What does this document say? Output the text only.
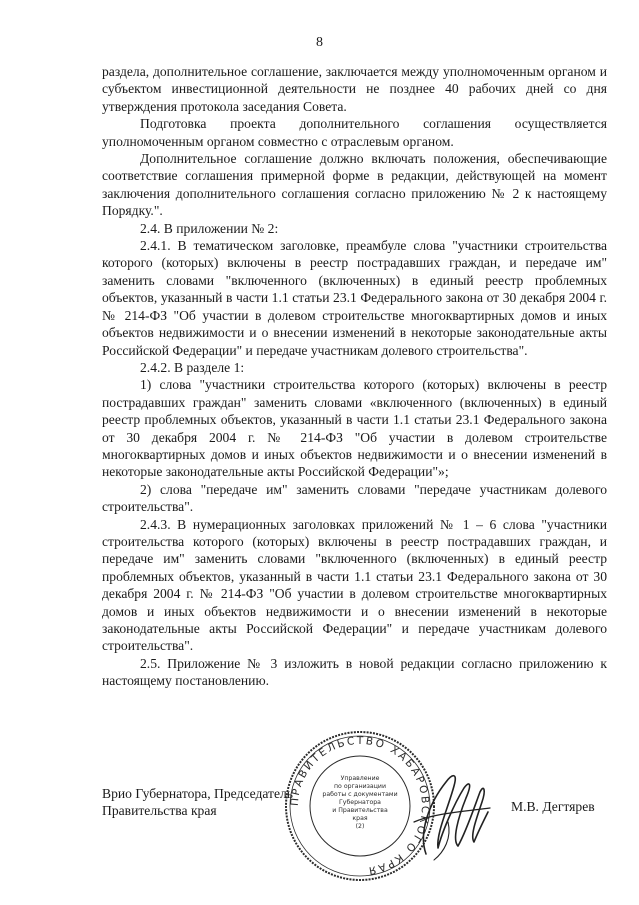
8

раздела, дополнительное соглашение, заключается между уполномоченным органом и субъектом инвестиционной деятельности не позднее 40 рабочих дней со дня утверждения протокола заседания Совета.

Подготовка проекта дополнительного соглашения осуществляется уполномоченным органом совместно с отраслевым органом.

Дополнительное соглашение должно включать положения, обеспечивающие соответствие соглашения примерной форме в редакции, действующей на момент заключения дополнительного соглашения согласно приложению № 2 к настоящему Порядку.".

2.4. В приложении № 2:

2.4.1. В тематическом заголовке, преамбуле слова "участники строительства которого (которых) включены в реестр пострадавших граждан, и передаче им" заменить словами "включенного (включенных) в единый реестр проблемных объектов, указанный в части 1.1 статьи 23.1 Федерального закона от 30 декабря 2004 г. № 214-ФЗ "Об участии в долевом строительстве многоквартирных домов и иных объектов недвижимости и о внесении изменений в некоторые законодательные акты Российской Федерации" и передаче участникам долевого строительства".

2.4.2. В разделе 1:

1) слова "участники строительства которого (которых) включены в реестр пострадавших граждан" заменить словами «включенного (включенных) в единый реестр проблемных объектов, указанный в части 1.1 статьи 23.1 Федерального закона от 30 декабря 2004 г. № 214-ФЗ "Об участии в долевом строительстве многоквартирных домов и иных объектов недвижимости и о внесении изменений в некоторые законодательные акты Российской Федерации"»;

2) слова "передаче им" заменить словами "передаче участникам долевого строительства".

2.4.3. В нумерационных заголовках приложений № 1 – 6 слова "участники строительства которого (которых) включены в реестр пострадавших граждан, и передаче им" заменить словами "включенного (включенных) в единый реестр проблемных объектов, указанный в части 1.1 статьи 23.1 Федерального закона от 30 декабря 2004 г. № 214-ФЗ "Об участии в долевом строительстве многоквартирных домов и иных объектов недвижимости и о внесении изменений в некоторые законодательные акты Российской Федерации" и передаче участникам долевого строительства".

2.5. Приложение № 3 изложить в новой редакции согласно приложению к настоящему постановлению.

Врио Губернатора, Председатель
Правительства края
ПРАВИТЕЛЬСТВО ХАБАРОВСКОГО КРАЯ
Управление
по организации
работы с документами
Губернатора
и Правительства
края
(2)
М.В. Дегтярев
